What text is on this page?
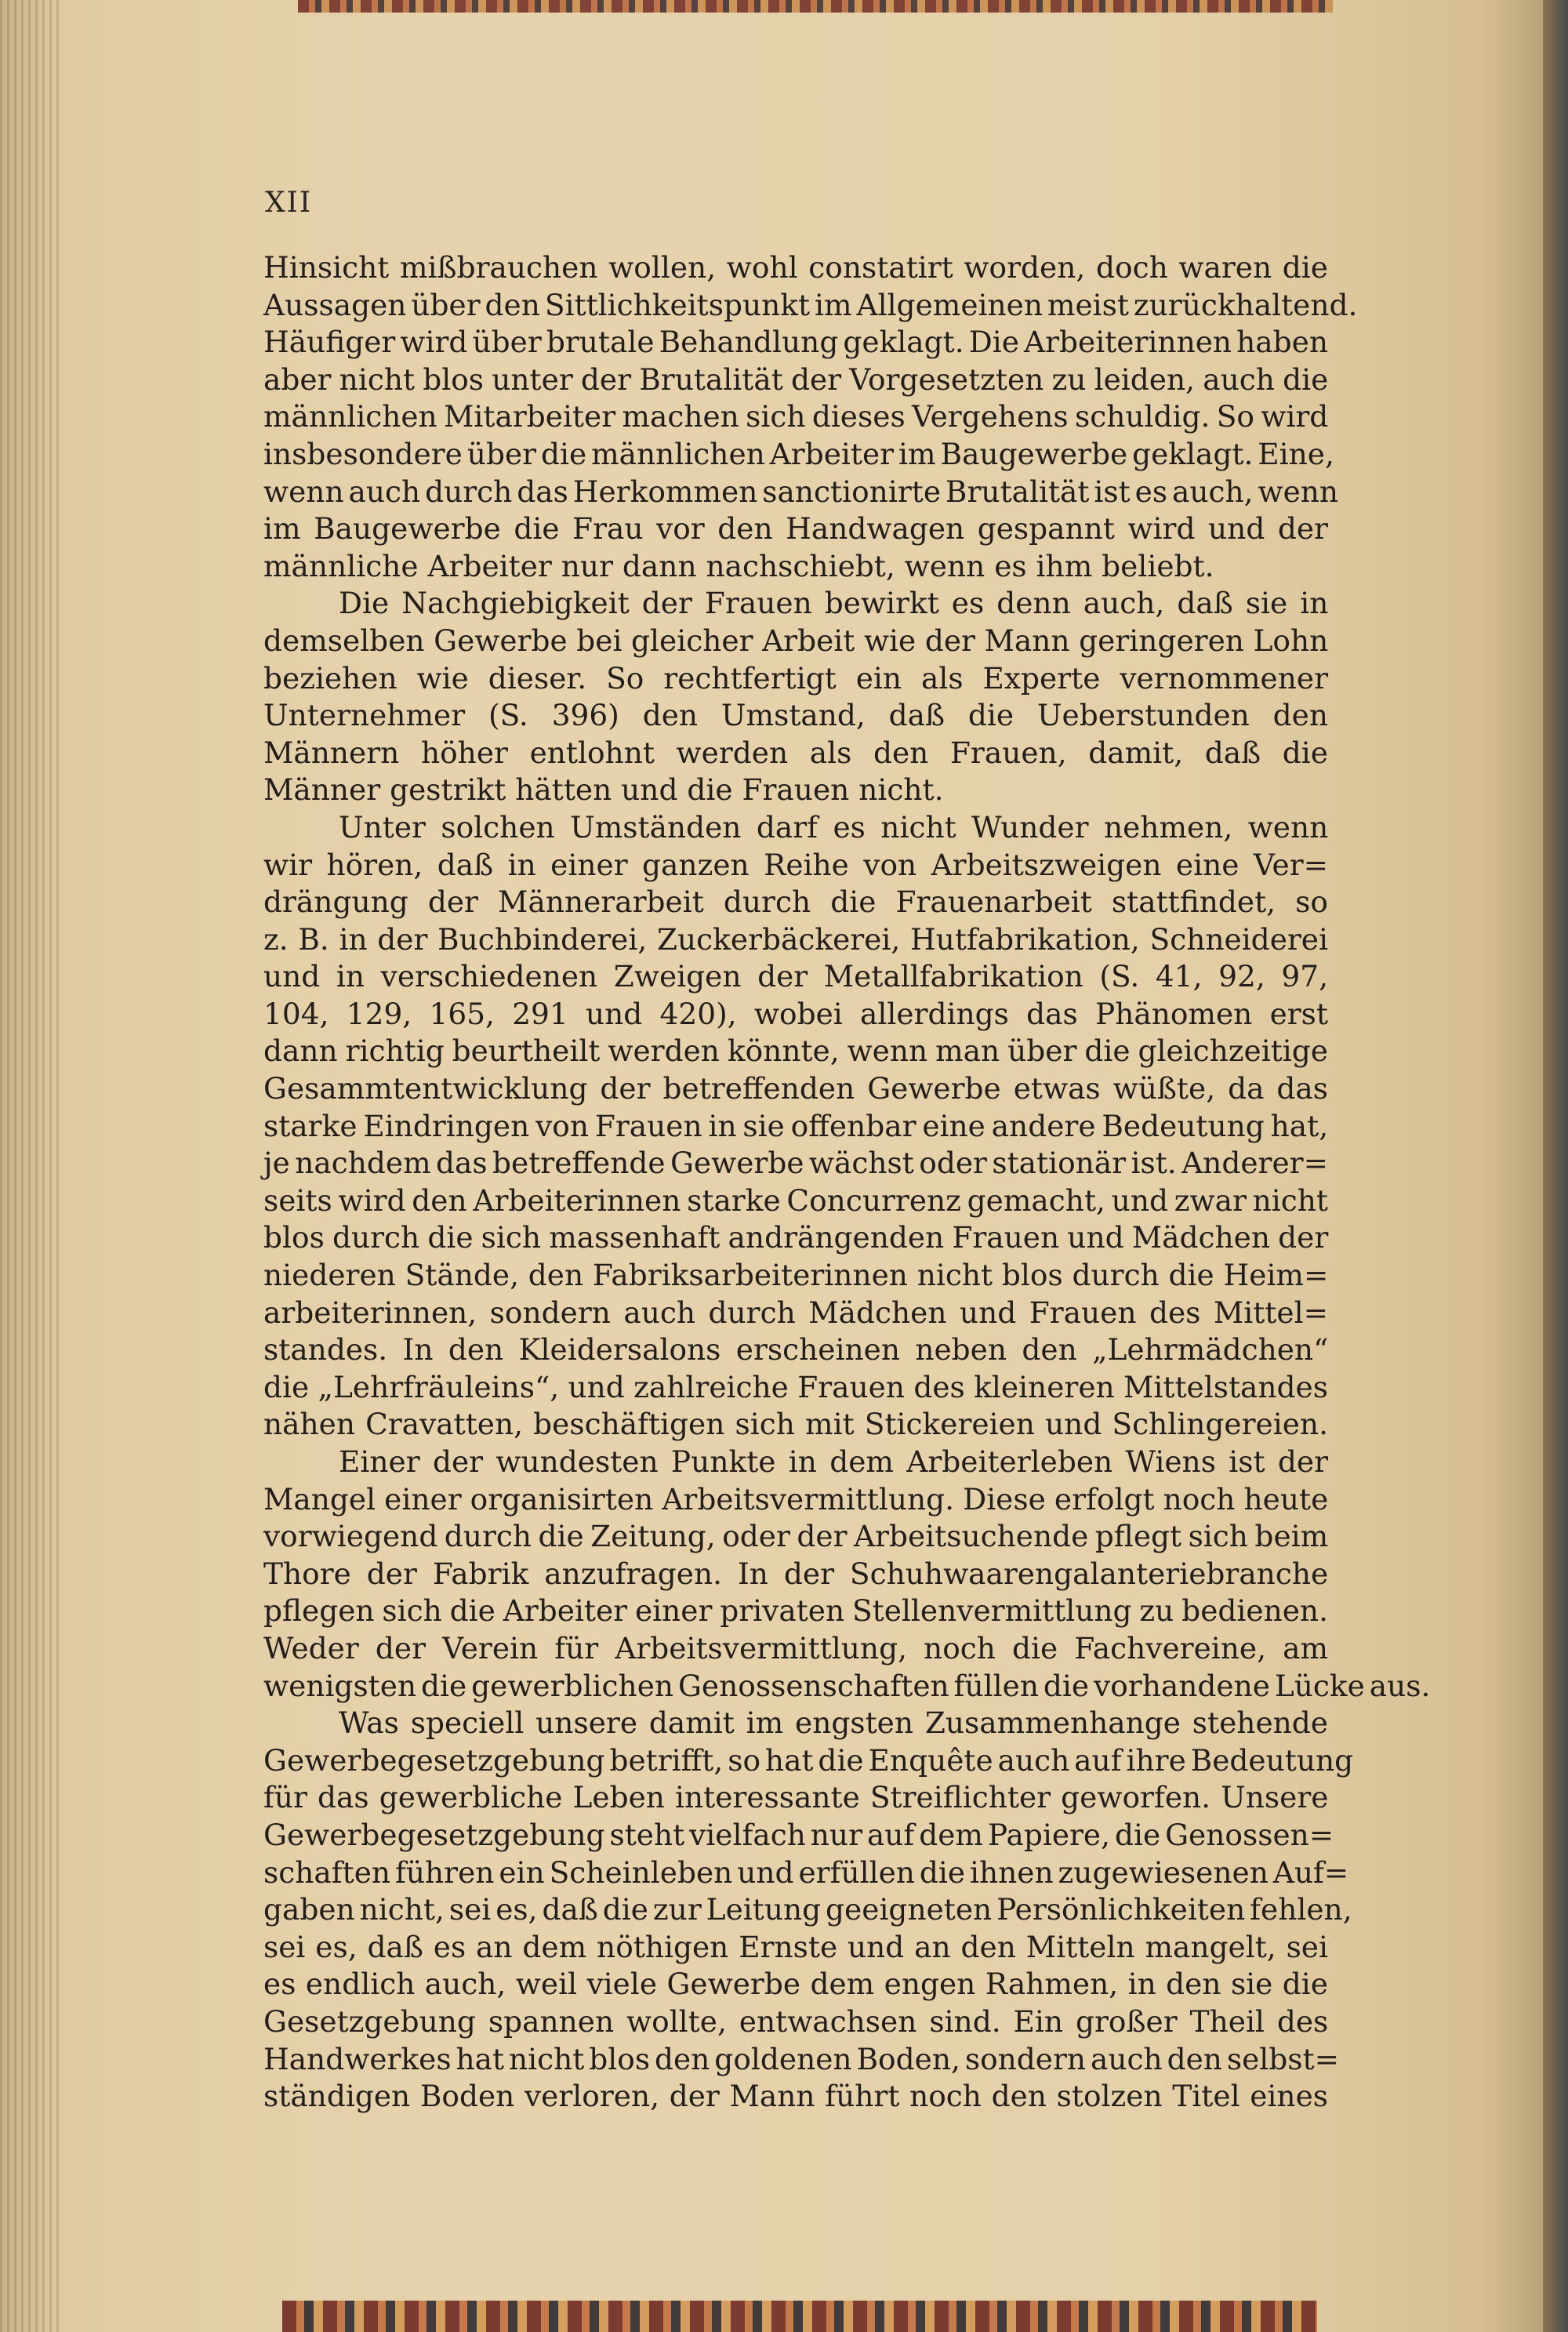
XII
Hinsicht mißbrauchen wollen, wohl constatirt worden, doch waren die
Aussagen über den Sittlichkeitspunkt im Allgemeinen meist zurückhaltend.
Häufiger wird über brutale Behandlung geklagt. Die Arbeiterinnen haben
aber nicht blos unter der Brutalität der Vorgesetzten zu leiden, auch die
männlichen Mitarbeiter machen sich dieses Vergehens schuldig. So wird
insbesondere über die männlichen Arbeiter im Baugewerbe geklagt. Eine,
wenn auch durch das Herkommen sanctionirte Brutalität ist es auch, wenn
im Baugewerbe die Frau vor den Handwagen gespannt wird und der
männliche Arbeiter nur dann nachschiebt, wenn es ihm beliebt.
Die Nachgiebigkeit der Frauen bewirkt es denn auch, daß sie in
demselben Gewerbe bei gleicher Arbeit wie der Mann geringeren Lohn
beziehen wie dieser. So rechtfertigt ein als Experte vernommener
Unternehmer (S. 396) den Umstand, daß die Ueberstunden den
Männern höher entlohnt werden als den Frauen, damit, daß die
Männer gestrikt hätten und die Frauen nicht.
Unter solchen Umständen darf es nicht Wunder nehmen, wenn
wir hören, daß in einer ganzen Reihe von Arbeitszweigen eine Ver=
drängung der Männerarbeit durch die Frauenarbeit stattfindet, so
z. B. in der Buchbinderei, Zuckerbäckerei, Hutfabrikation, Schneiderei
und in verschiedenen Zweigen der Metallfabrikation (S. 41, 92, 97,
104, 129, 165, 291 und 420), wobei allerdings das Phänomen erst
dann richtig beurtheilt werden könnte, wenn man über die gleichzeitige
Gesammtentwicklung der betreffenden Gewerbe etwas wüßte, da das
starke Eindringen von Frauen in sie offenbar eine andere Bedeutung hat,
je nachdem das betreffende Gewerbe wächst oder stationär ist. Anderer=
seits wird den Arbeiterinnen starke Concurrenz gemacht, und zwar nicht
blos durch die sich massenhaft andrängenden Frauen und Mädchen der
niederen Stände, den Fabriksarbeiterinnen nicht blos durch die Heim=
arbeiterinnen, sondern auch durch Mädchen und Frauen des Mittel=
standes. In den Kleidersalons erscheinen neben den „Lehrmädchen“
die „Lehrfräuleins“, und zahlreiche Frauen des kleineren Mittelstandes
nähen Cravatten, beschäftigen sich mit Stickereien und Schlingereien.
Einer der wundesten Punkte in dem Arbeiterleben Wiens ist der
Mangel einer organisirten Arbeitsvermittlung. Diese erfolgt noch heute
vorwiegend durch die Zeitung, oder der Arbeitsuchende pflegt sich beim
Thore der Fabrik anzufragen. In der Schuhwaarengalanteriebranche
pflegen sich die Arbeiter einer privaten Stellenvermittlung zu bedienen.
Weder der Verein für Arbeitsvermittlung, noch die Fachvereine, am
wenigsten die gewerblichen Genossenschaften füllen die vorhandene Lücke aus.
Was speciell unsere damit im engsten Zusammenhange stehende
Gewerbegesetzgebung betrifft, so hat die Enquête auch auf ihre Bedeutung
für das gewerbliche Leben interessante Streiflichter geworfen. Unsere
Gewerbegesetzgebung steht vielfach nur auf dem Papiere, die Genossen=
schaften führen ein Scheinleben und erfüllen die ihnen zugewiesenen Auf=
gaben nicht, sei es, daß die zur Leitung geeigneten Persönlichkeiten fehlen,
sei es, daß es an dem nöthigen Ernste und an den Mitteln mangelt, sei
es endlich auch, weil viele Gewerbe dem engen Rahmen, in den sie die
Gesetzgebung spannen wollte, entwachsen sind. Ein großer Theil des
Handwerkes hat nicht blos den goldenen Boden, sondern auch den selbst=
ständigen Boden verloren, der Mann führt noch den stolzen Titel eines
